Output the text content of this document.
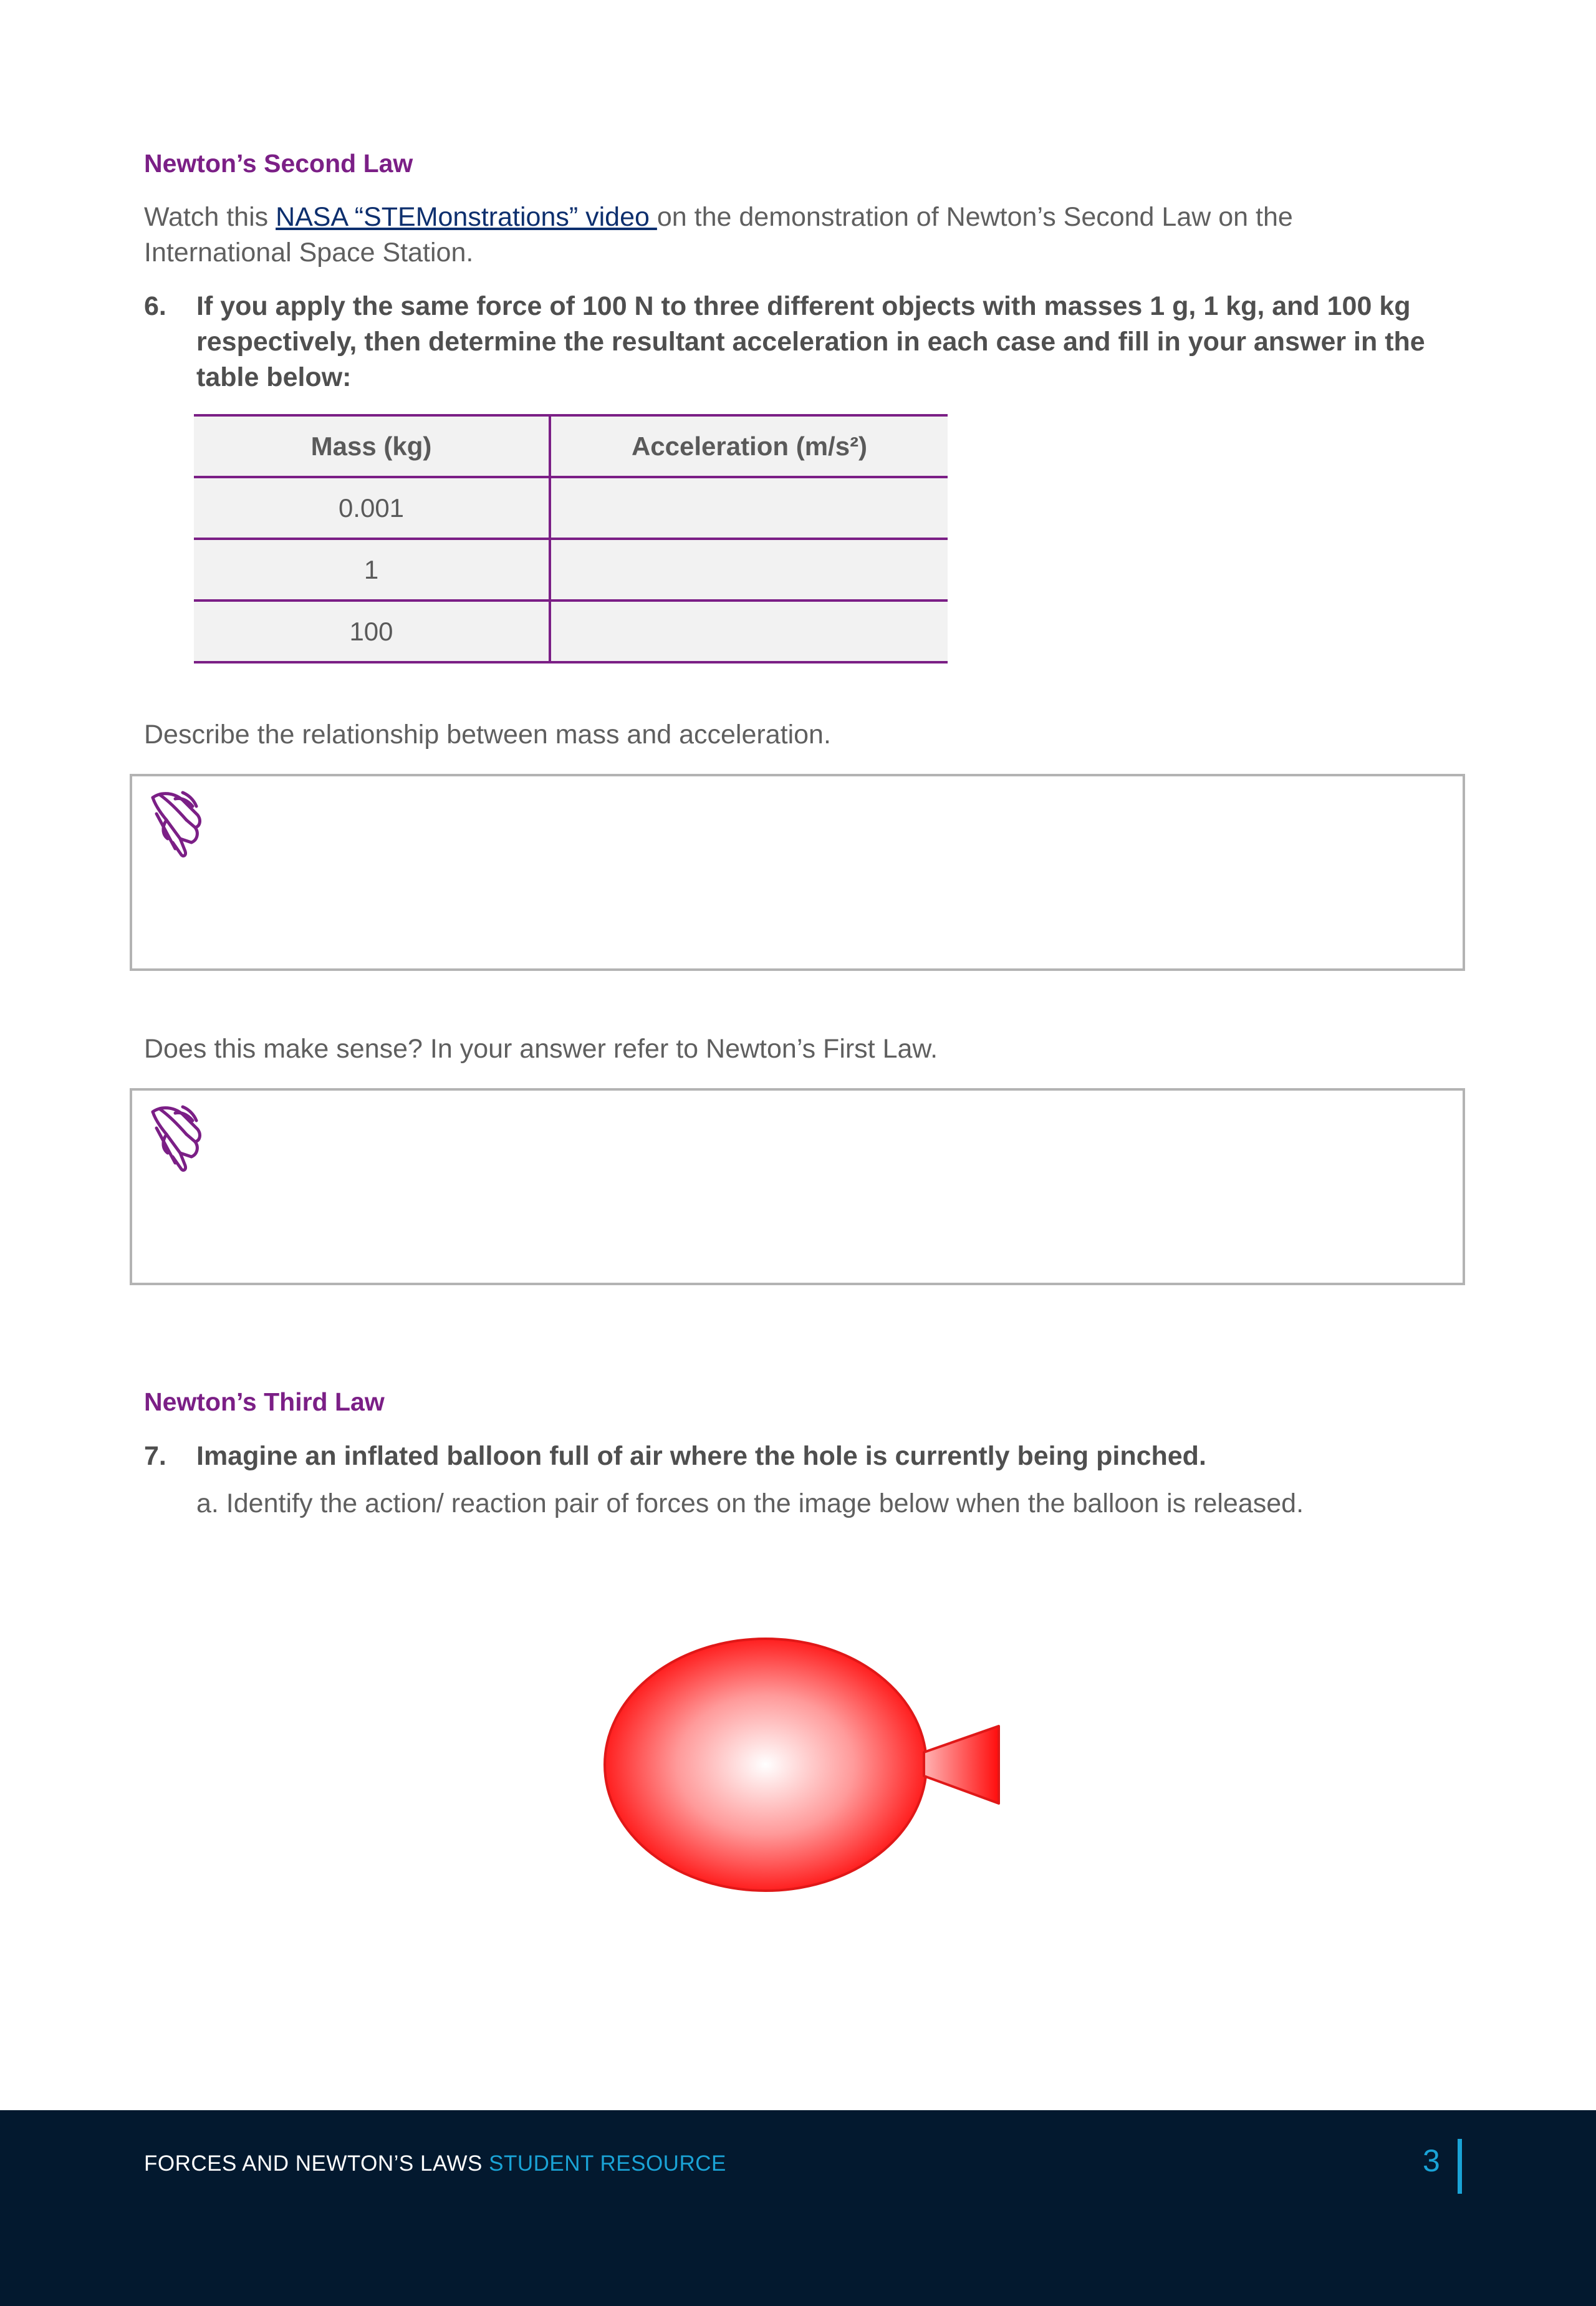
Newton’s Second Law
Watch this NASA “STEMonstrations” video on the demonstration of Newton’s Second Law on the
International Space Station.
6. If you apply the same force of 100 N to three different objects with masses 1 g, 1 kg, and 100 kg
respectively, then determine the resultant acceleration in each case and fill in your answer in the
table below:
Mass (kg)	Acceleration (m/s²)
0.001	
1	
100	
Describe the relationship between mass and acceleration.
Does this make sense? In your answer refer to Newton’s First Law.
Newton’s Third Law
7. Imagine an inflated balloon full of air where the hole is currently being pinched.
a. Identify the action/ reaction pair of forces on the image below when the balloon is released.
FORCES AND NEWTON’S LAWS STUDENT RESOURCE	3
